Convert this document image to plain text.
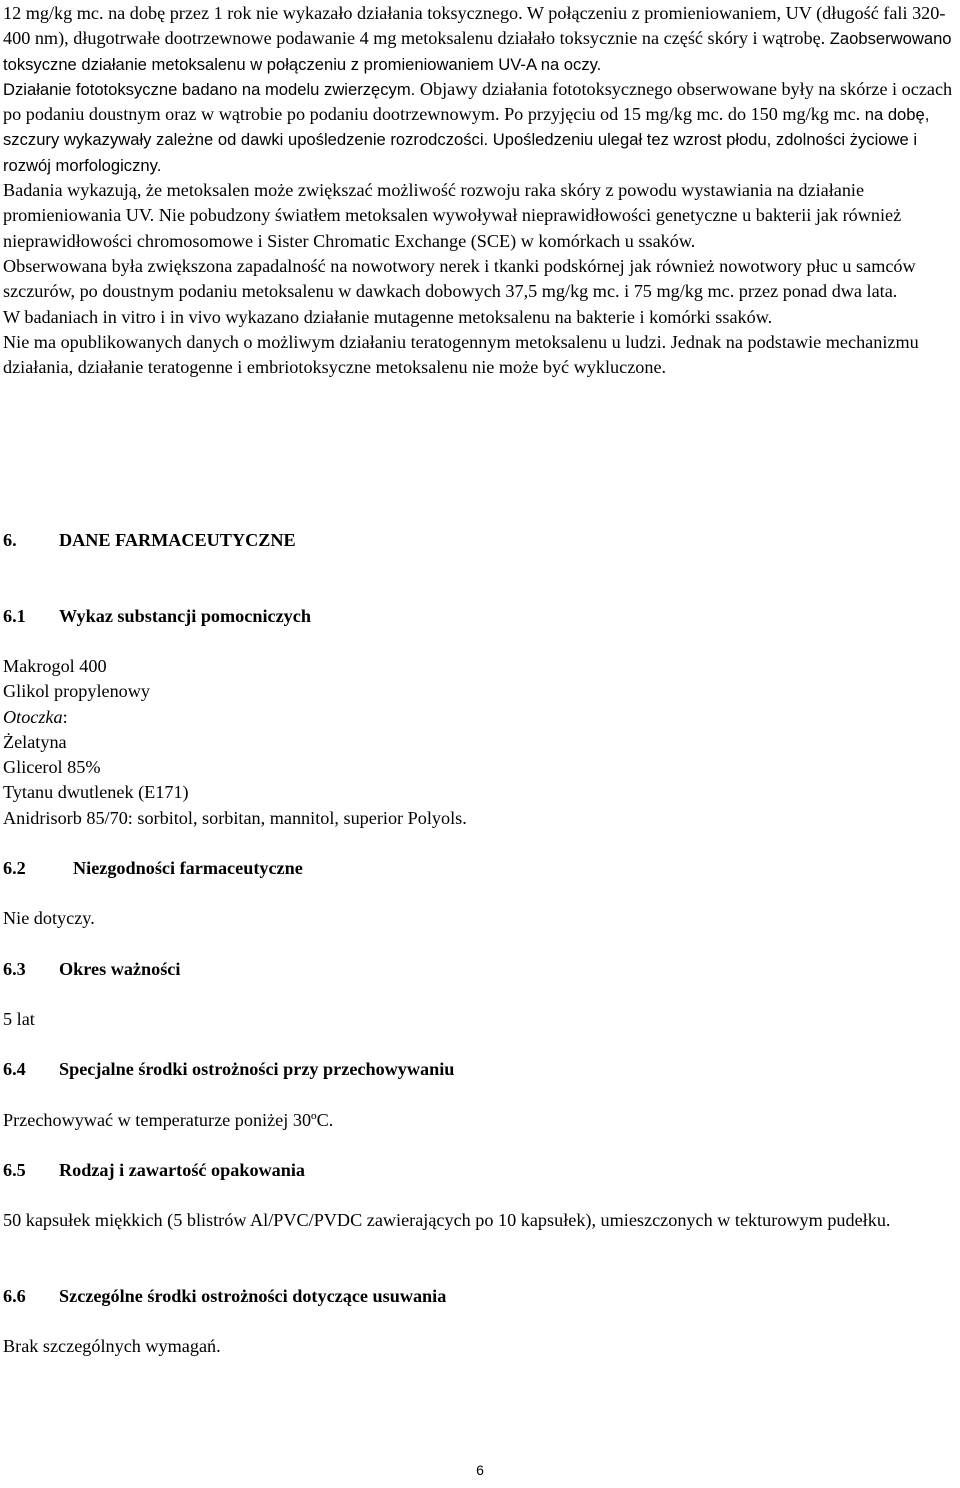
12 mg/kg mc. na dobę przez 1 rok nie wykazało działania toksycznego. W połączeniu z promieniowaniem, UV (długość fali 320-400 nm), długotrwałe dootrzewnowe podawanie 4 mg metoksalenu działało toksycznie na część skóry i wątrobę. Zaobserwowano toksyczne działanie metoksalenu w połączeniu z promieniowaniem UV-A na oczy.

Działanie fototoksyczne badano na modelu zwierzęcym. Objawy działania fototoksycznego obserwowane były na skórze i oczach po podaniu doustnym oraz w wątrobie po podaniu dootrzewnowym. Po przyjęciu od 15 mg/kg mc. do 150 mg/kg mc. na dobę, szczury wykazywały zależne od dawki upośledzenie rozrodczości. Upośledzeniu ulegał tez wzrost płodu, zdolności życiowe i rozwój morfologiczny.

Badania wykazują, że metoksalen może zwiększać możliwość rozwoju raka skóry z powodu wystawiania na działanie promieniowania UV. Nie pobudzony światłem metoksalen wywoływał nieprawidłowości genetyczne u bakterii jak również nieprawidłowości chromosomowe i Sister Chromatic Exchange (SCE) w komórkach u ssaków.

Obserwowana była zwiększona zapadalność na nowotwory nerek i tkanki podskórnej jak również nowotwory płuc u samców szczurów, po doustnym podaniu metoksalenu w dawkach dobowych 37,5 mg/kg mc. i 75 mg/kg mc. przez ponad dwa lata.

W badaniach in vitro i in vivo wykazano działanie mutagenne metoksalenu na bakterie i komórki ssaków.

Nie ma opublikowanych danych o możliwym działaniu teratogennym metoksalenu u ludzi. Jednak na podstawie mechanizmu działania, działanie teratogenne i embriotoksyczne metoksalenu nie może być wykluczone.

6. DANE FARMACEUTYCZNE
6.1 Wykaz substancji pomocniczych

Makrogol 400

Glikol propylenowy

Otoczka:

Żelatyna

Glicerol 85%

Tytanu dwutlenek (E171)

Anidrisorb 85/70: sorbitol, sorbitan, mannitol, superior Polyols.

6.2	Niezgodności farmaceutyczne

Nie dotyczy.

6.3 Okres ważności

5 lat

6.4 Specjalne środki ostrożności przy przechowywaniu

Przechowywać w temperaturze poniżej 30ºC.

6.5 Rodzaj i zawartość opakowania

50 kapsułek miękkich (5 blistrów Al/PVC/PVDC zawierających po 10 kapsułek), umieszczonych w tekturowym pudełku.

6.6 Szczególne środki ostrożności dotyczące usuwania

Brak szczególnych wymagań.

6
